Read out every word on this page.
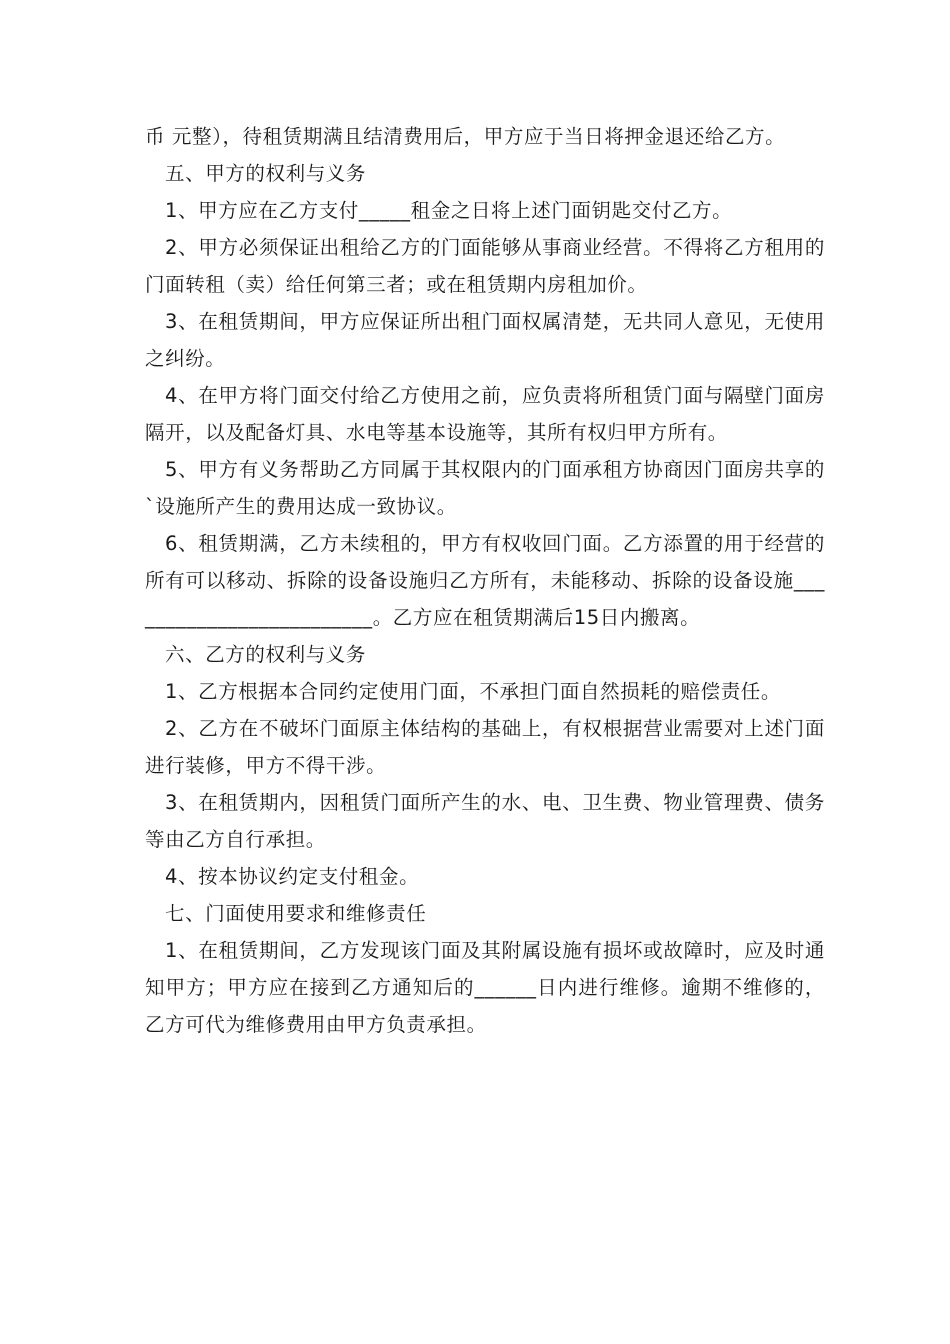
币 元整），待租赁期满且结清费用后，甲方应于当日将押金退还给乙方。

五、甲方的权利与义务

1、甲方应在乙方支付_____租金之日将上述门面钥匙交付乙方。

2、甲方必须保证出租给乙方的门面能够从事商业经营。不得将乙方租用的门面转租（卖）给任何第三者；或在租赁期内房租加价。

3、在租赁期间，甲方应保证所出租门面权属清楚，无共同人意见，无使用之纠纷。

4、在甲方将门面交付给乙方使用之前，应负责将所租赁门面与隔壁门面房隔开，以及配备灯具、水电等基本设施等，其所有权归甲方所有。

5、甲方有义务帮助乙方同属于其权限内的门面承租方协商因门面房共享的`设施所产生的费用达成一致协议。

6、租赁期满，乙方未续租的，甲方有权收回门面。乙方添置的用于经营的所有可以移动、拆除的设备设施归乙方所有，未能移动、拆除的设备设施_________________________。乙方应在租赁期满后15日内搬离。

六、乙方的权利与义务

1、乙方根据本合同约定使用门面，不承担门面自然损耗的赔偿责任。

2、乙方在不破坏门面原主体结构的基础上，有权根据营业需要对上述门面进行装修，甲方不得干涉。

3、在租赁期内，因租赁门面所产生的水、电、卫生费、物业管理费、债务等由乙方自行承担。

4、按本协议约定支付租金。

七、门面使用要求和维修责任

1、在租赁期间，乙方发现该门面及其附属设施有损坏或故障时，应及时通知甲方；甲方应在接到乙方通知后的______日内进行维修。逾期不维修的，乙方可代为维修费用由甲方负责承担。
